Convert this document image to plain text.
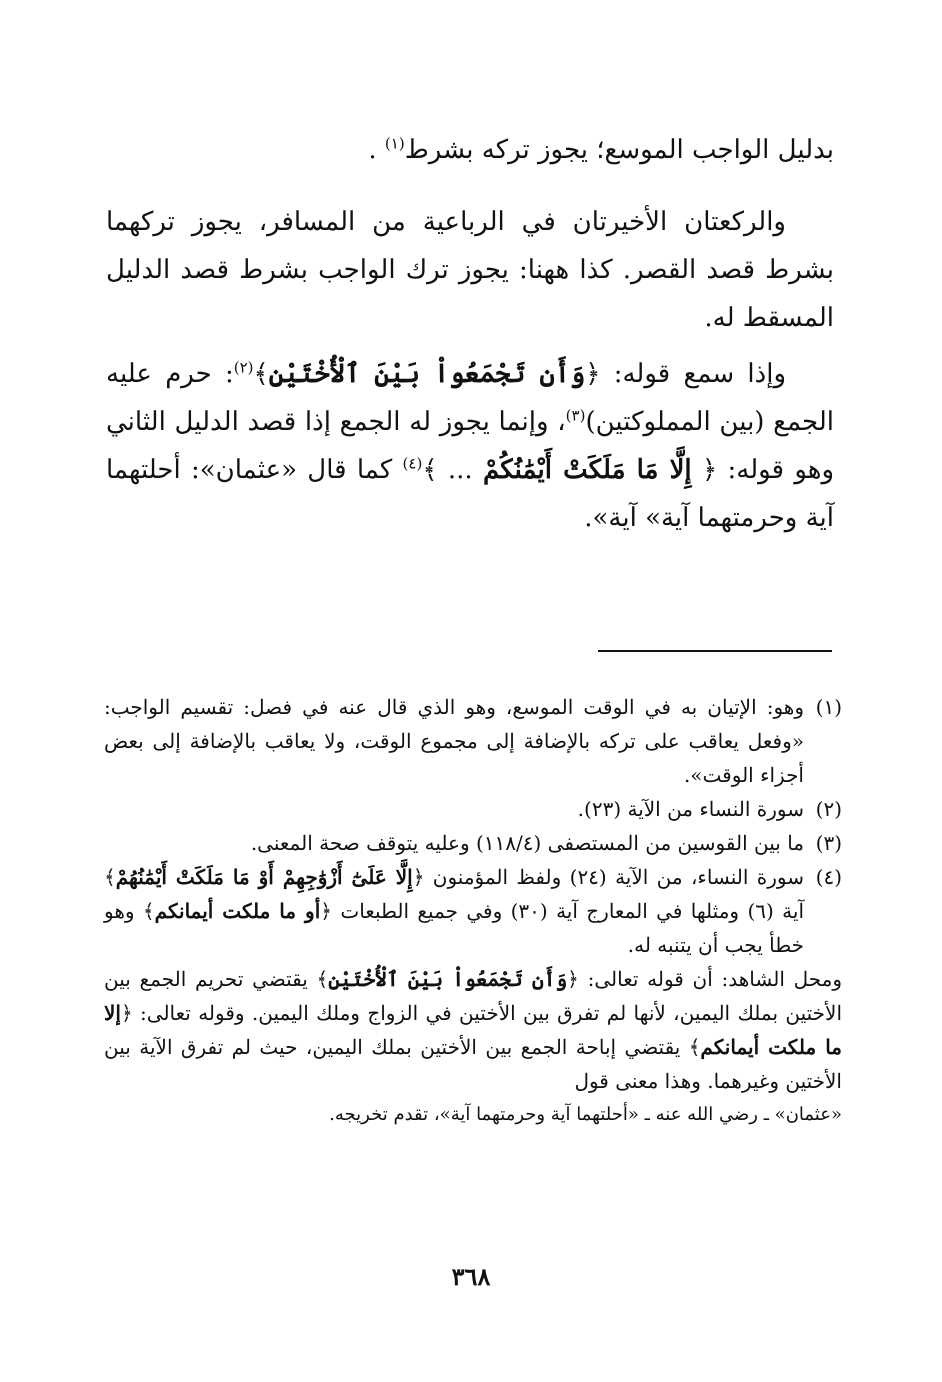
بدليل الواجب الموسع؛ يجوز تركه بشرط$^{(١)}$ .

والركعتان الأخيرتان في الرباعية من المسافر، يجوز تركهما بشرط قصد القصر. كذا ههنا: يجوز ترك الواجب بشرط قصد الدليل المسقط له.

وإذا سمع قوله: ﴿وَأَن تَجْمَعُواْ بَيْنَ ٱلْأُخْتَيْنِ﴾$^{(٢)}$: حرم عليه الجمع (بين المملوكتين)$^{(٣)}$، وإنما يجوز له الجمع إذا قصد الدليل الثاني وهو قوله: ﴿ إِلَّا مَا مَلَكَتْ أَيْمَٰنُكُمْ ... ﴾$^{(٤)}$ كما قال «عثمان»: أحلتهما آية وحرمتهما آية» آية».

(١)
وهو: الإتيان به في الوقت الموسع، وهو الذي قال عنه في فصل: تقسيم الواجب: «وفعل يعاقب على تركه بالإضافة إلى مجموع الوقت، ولا يعاقب بالإضافة إلى بعض أجزاء الوقت».

(٢)
سورة النساء من الآية (٢٣).

(٣)
ما بين القوسين من المستصفى (١١٨/٤) وعليه يتوقف صحة المعنى.

(٤)
سورة النساء، من الآية (٢٤) ولفظ المؤمنون ﴿إِلَّا عَلَىٰٓ أَزْوَٰجِهِمْ أَوْ مَا مَلَكَتْ أَيْمَٰنُهُمْ﴾ آية (٦) ومثلها في المعارج آية (٣٠) وفي جميع الطبعات ﴿أو ما ملكت أيمانكم﴾ وهو خطأ يجب أن يتنبه له.

ومحل الشاهد: أن قوله تعالى: ﴿وَأَن تَجْمَعُواْ بَيْنَ ٱلْأُخْتَيْنِ﴾ يقتضي تحريم الجمع بين الأختين بملك اليمين، لأنها لم تفرق بين الأختين في الزواج وملك اليمين. وقوله تعالى: ﴿إلا ما ملكت أيمانكم﴾ يقتضي إباحة الجمع بين الأختين بملك اليمين، حيث لم تفرق الآية بين الأختين وغيرهما. وهذا معنى قول

«عثمان» ـ رضي الله عنه ـ «أحلتهما آية وحرمتهما آية»، تقدم تخريجه.

٣٦٨
